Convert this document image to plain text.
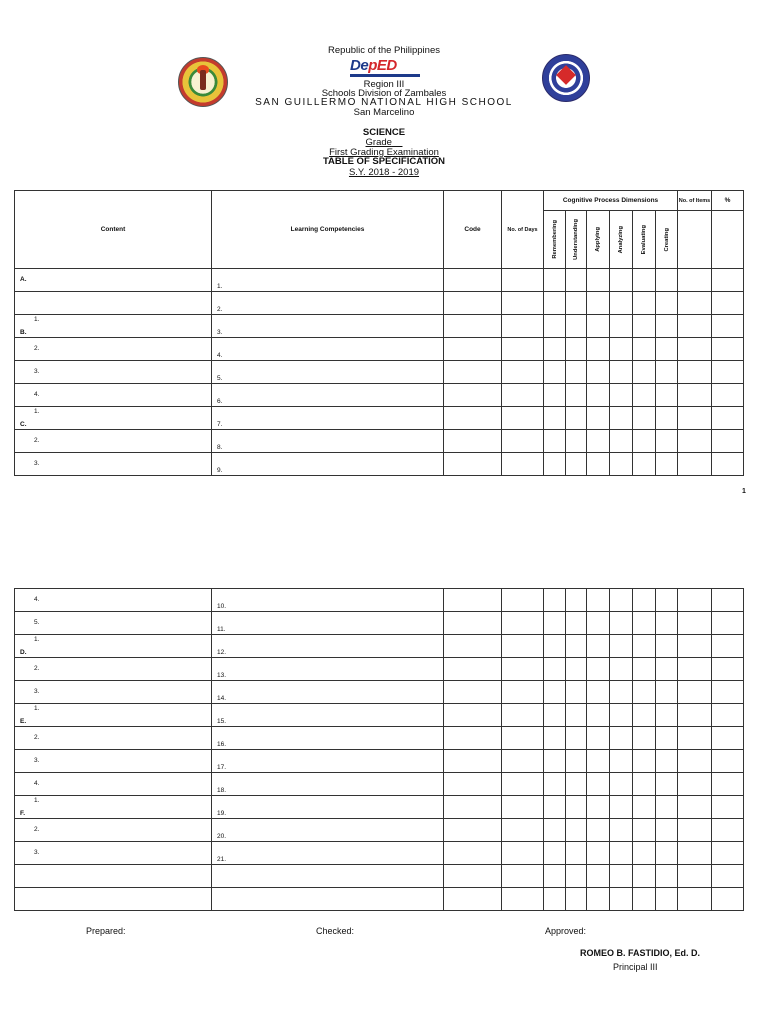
DepED
Republic of the Philippines
Region III
Schools Division of Zambales
SAN GUILLERMO NATIONAL HIGH SCHOOL
San Marcelino
SCIENCE
Grade
First Grading Examination
TABLE OF SPECIFICATION
S.Y. 2018 - 2019
Content	Learning Competencies	Code	No. of Days	Cognitive Process Dimensions						No. of Items	%

				Remembering	Understanding	Applying	Analyzing	Evaluating	Creating		

A.	1.										

	2.										

B.
1.	3.										

2.	4.										

3.	5.										

4.	6.										

C.
1.	7.										

2.	8.										

3.	9.										

1
4.	10.										

5.	11.										

D.
1.	12.										

2.	13.										

3.	14.										

E.
1.	15.										

2.	16.										

3.	17.										

4.	18.										

F.
1.	19.										

2.	20.										

3.	21.										

Prepared:	Checked:	Approved:
ROMEO B. FASTIDIO, Ed. D.
Principal III
